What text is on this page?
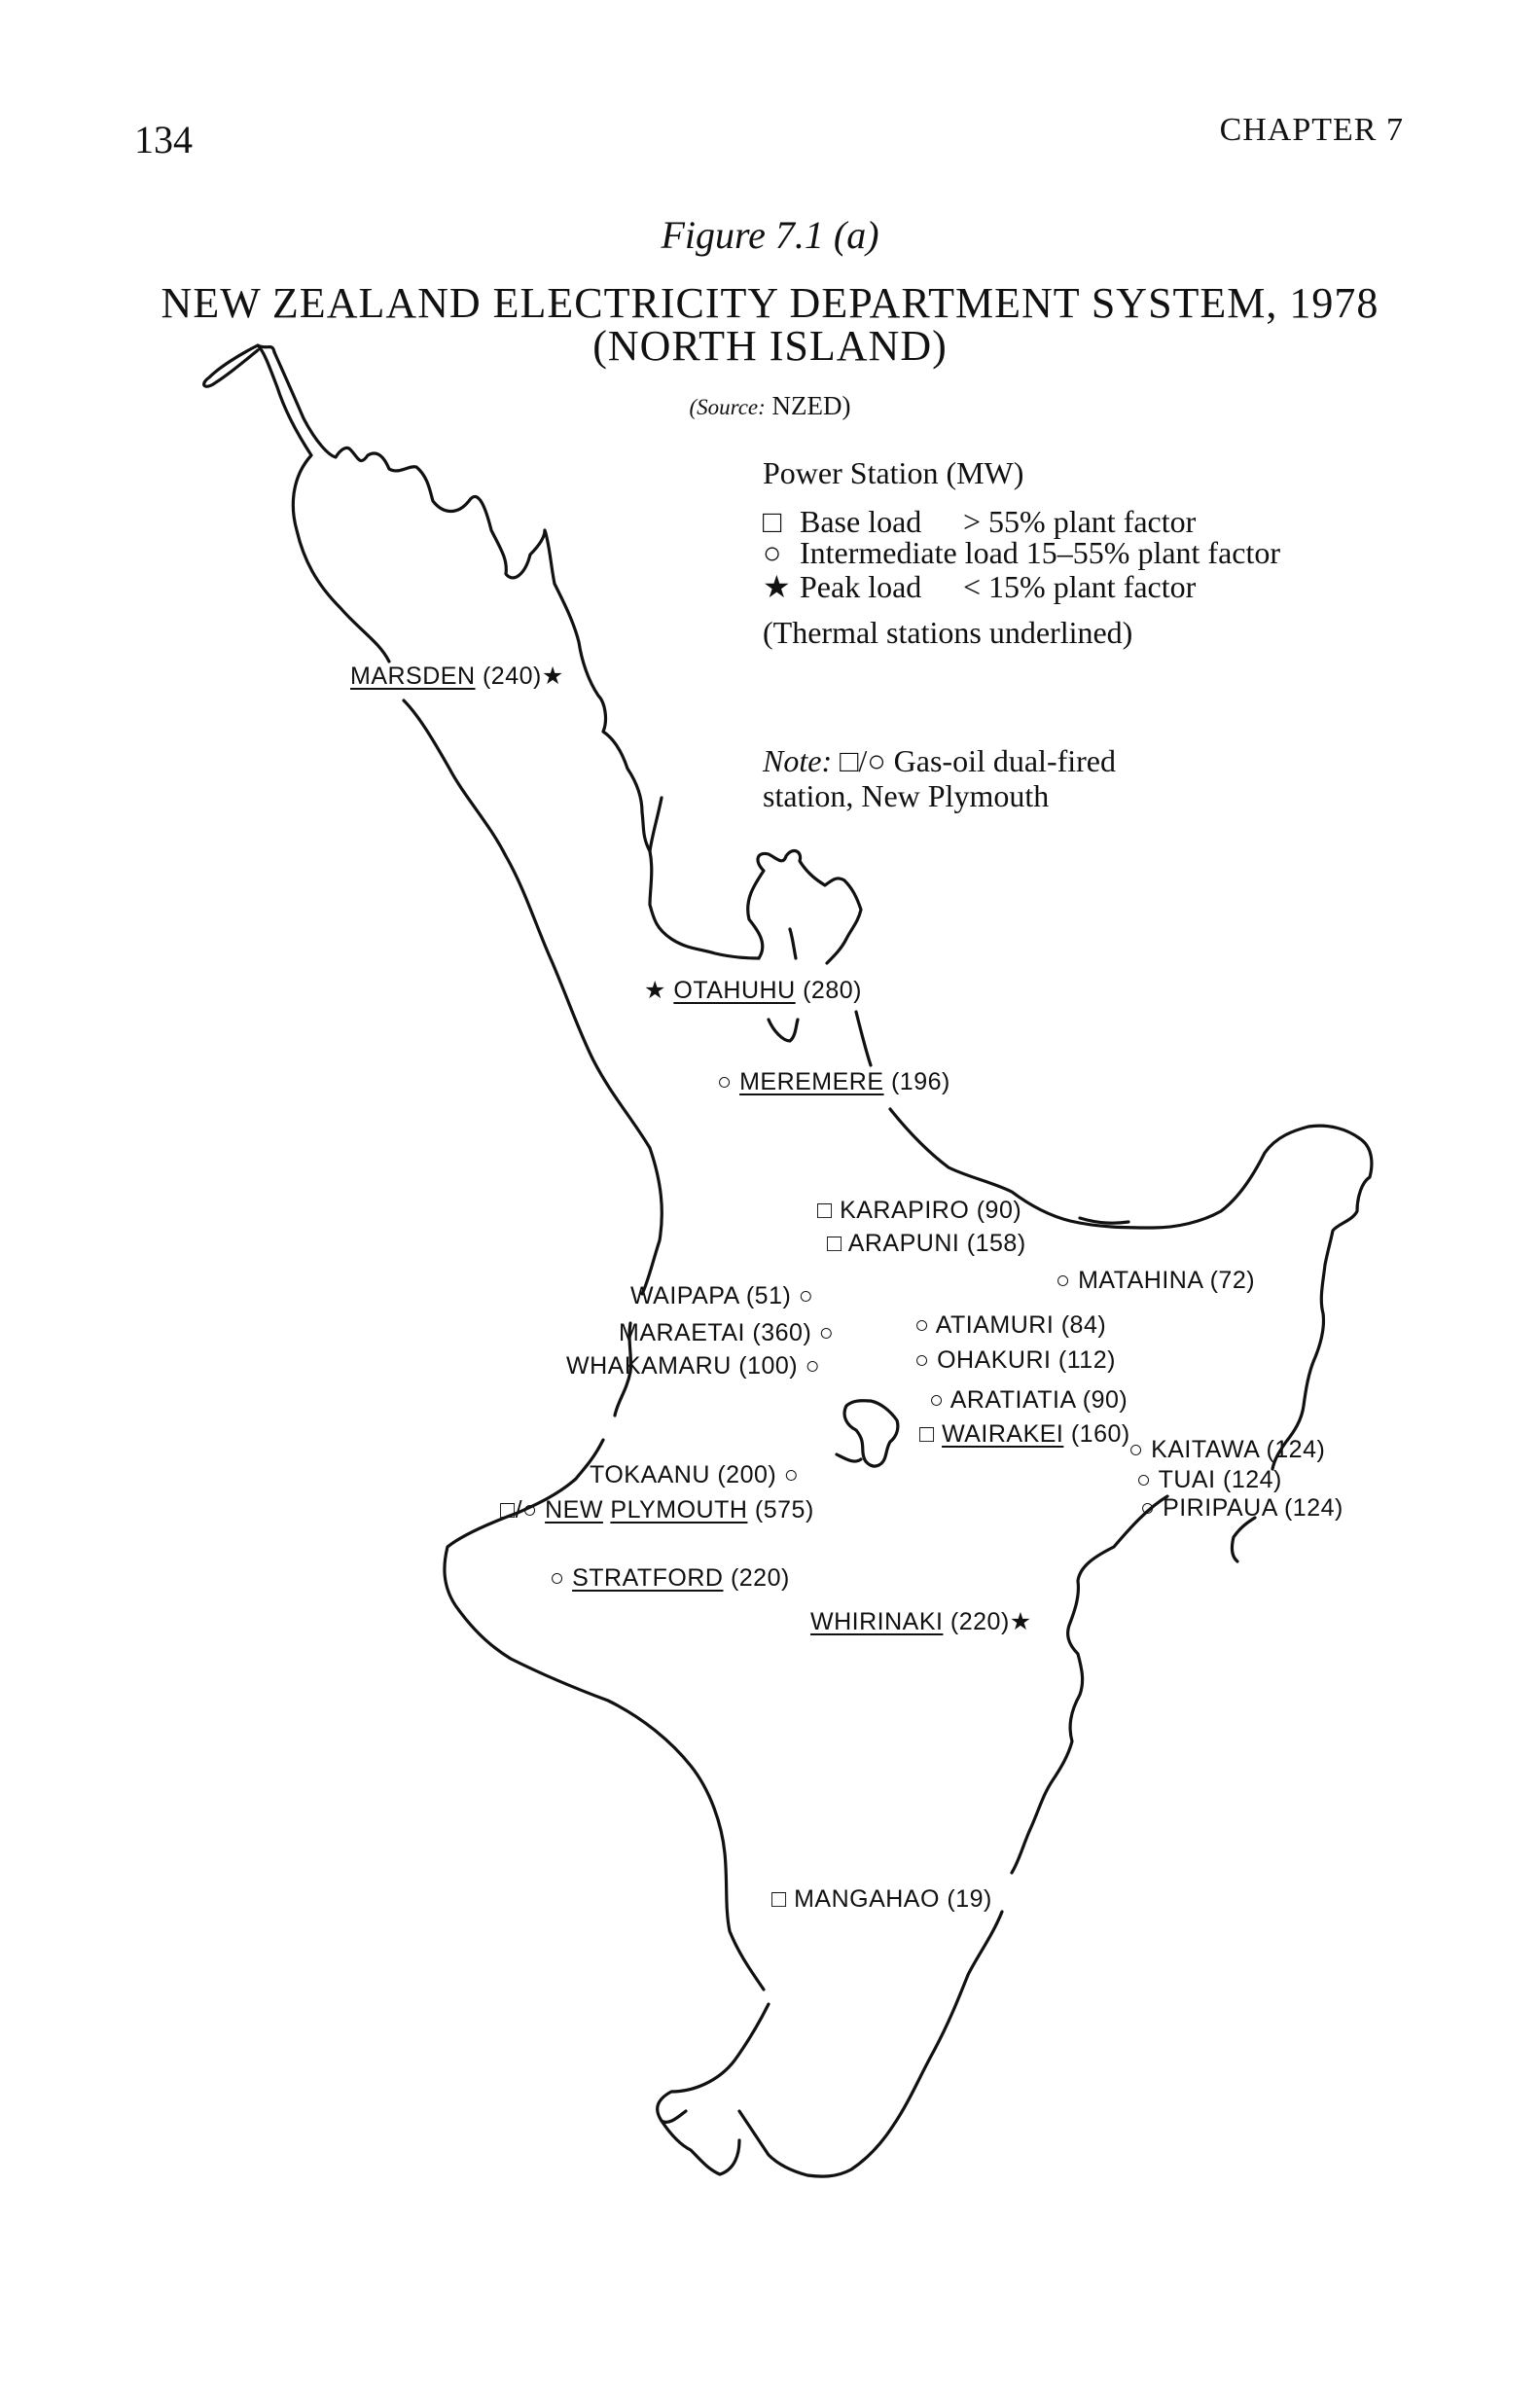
134	CHAPTER 7
Figure 7.1 (a)
NEW ZEALAND ELECTRICITY DEPARTMENT SYSTEM, 1978
(NORTH ISLAND)
(Source: NZED)
Power Station (MW)
□ Base load > 55% plant factor
○ Intermediate load 15–55% plant factor
★ Peak load < 15% plant factor
(Thermal stations underlined)
Note: □/○ Gas-oil dual-fired
station, New Plymouth
MARSDEN (240)★
★ OTAHUHU (280)
○ MEREMERE (196)
□ KARAPIRO (90)
□ ARAPUNI (158)
○ MATAHINA (72)
WAIPAPA (51) ○
MARAETAI (360) ○
WHAKAMARU (100) ○
○ ATIAMURI (84)
○ OHAKURI (112)
○ ARATIATIA (90)
□ WAIRAKEI (160)
○ KAITAWA (124)
○ TUAI (124)
○ PIRIPAUA (124)
TOKAANU (200) ○
□/○ NEW PLYMOUTH (575)
○ STRATFORD (220)
WHIRINAKI (220)★
□ MANGAHAO (19)
